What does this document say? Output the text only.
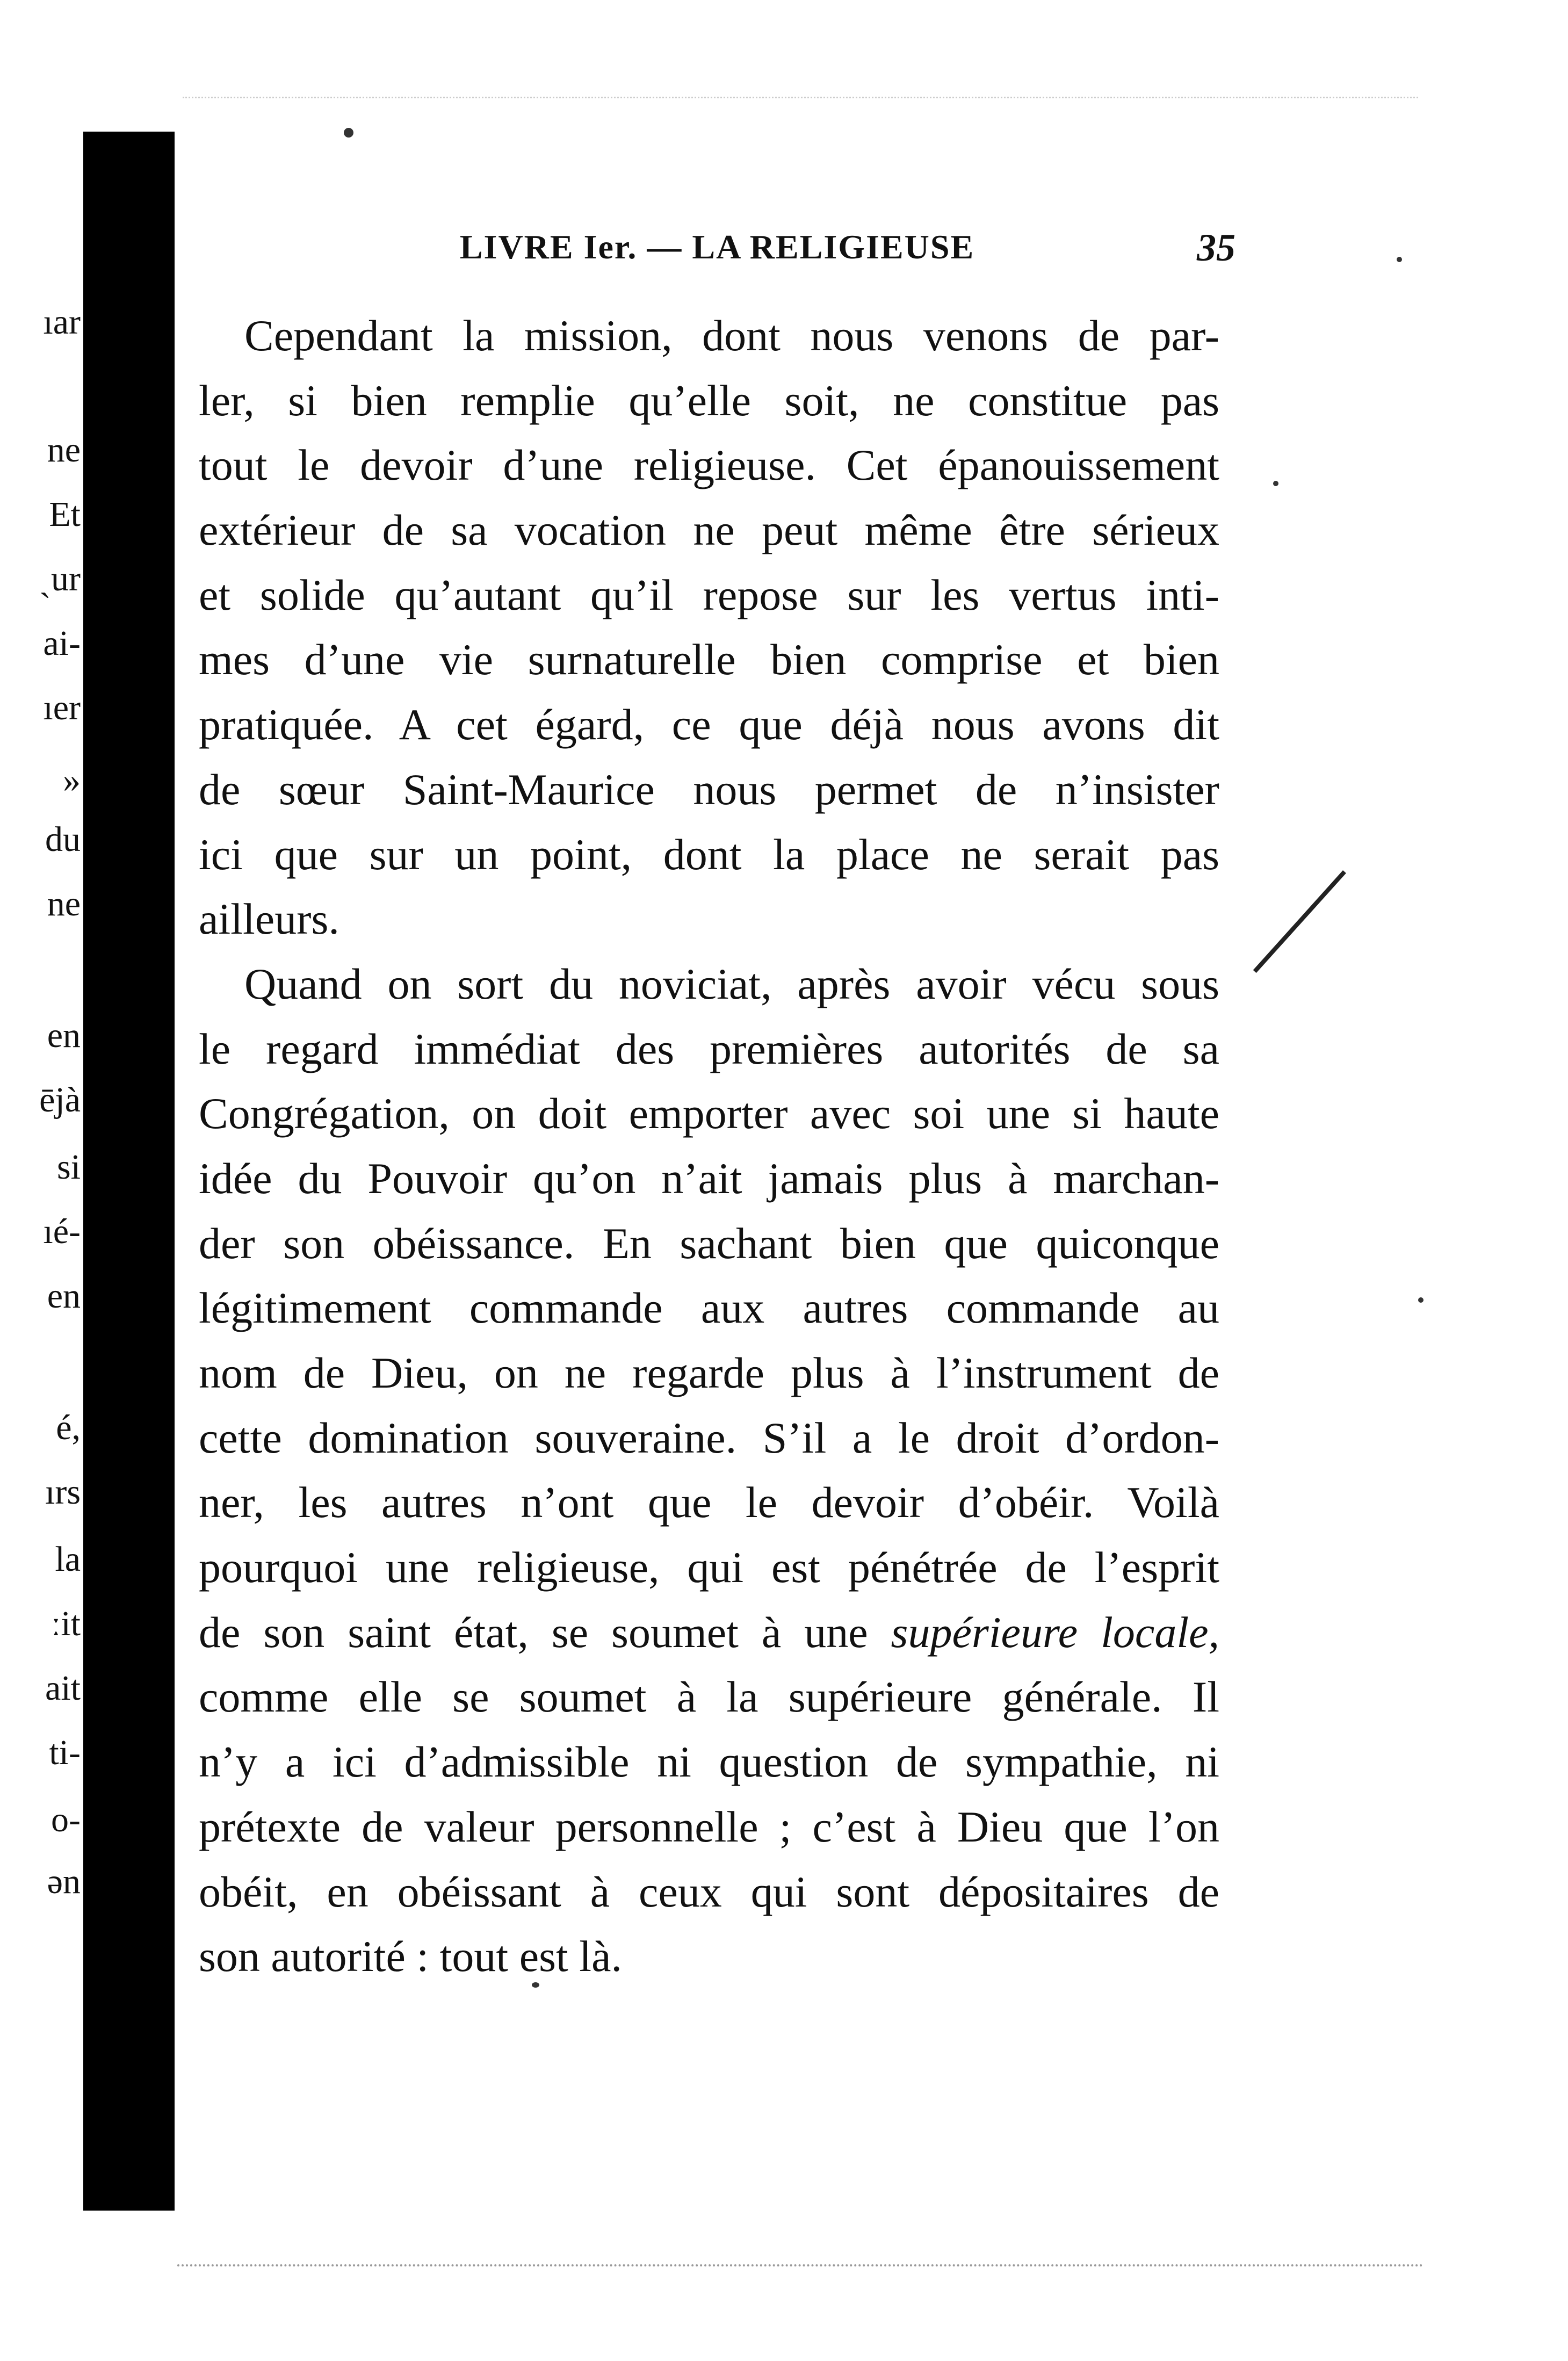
ıar
ne
Et
ˏur
ai-
ıer
»
du
ne
en
ējà
si
ıé-
en
é,
ırs
la
ːit
ait
ti-
o-
ən
LIVRE Ier. — LA RELIGIEUSE	35
Cependant la mission, dont nous venons de par-
ler, si bien remplie qu’elle soit, ne constitue pas
tout le devoir d’une religieuse. Cet épanouissement
extérieur de sa vocation ne peut même être sérieux
et solide qu’autant qu’il repose sur les vertus inti-
mes d’une vie surnaturelle bien comprise et bien
pratiquée. A cet égard, ce que déjà nous avons dit
de sœur Saint-Maurice nous permet de n’insister
ici que sur un point, dont la place ne serait pas
ailleurs.
Quand on sort du noviciat, après avoir vécu sous
le regard immédiat des premières autorités de sa
Congrégation, on doit emporter avec soi une si haute
idée du Pouvoir qu’on n’ait jamais plus à marchan-
der son obéissance. En sachant bien que quiconque
légitimement commande aux autres commande au
nom de Dieu, on ne regarde plus à l’instrument de
cette domination souveraine. S’il a le droit d’ordon-
ner, les autres n’ont que le devoir d’obéir. Voilà
pourquoi une religieuse, qui est pénétrée de l’esprit
de son saint état, se soumet à une supérieure locale,
comme elle se soumet à la supérieure générale. Il
n’y a ici d’admissible ni question de sympathie, ni
prétexte de valeur personnelle ; c’est à Dieu que l’on
obéit, en obéissant à ceux qui sont dépositaires de
son autorité : tout est là.
